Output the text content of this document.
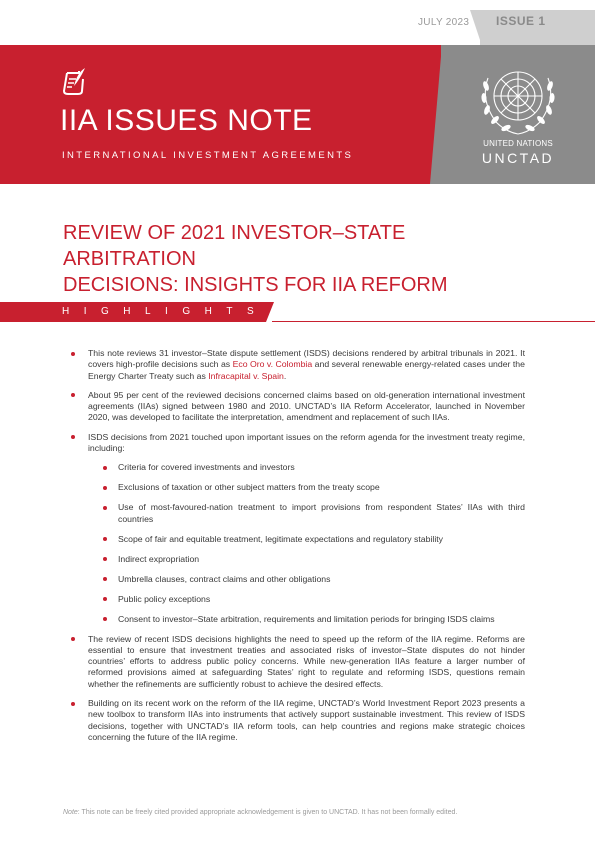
JULY 2023 ISSUE 1
IIA ISSUES NOTE
INTERNATIONAL INVESTMENT AGREEMENTS
UNITED NATIONS
UNCTAD
REVIEW OF 2021 INVESTOR–STATE ARBITRATION
DECISIONS: INSIGHTS FOR IIA REFORM
HIGHLIGHTS
This note reviews 31 investor–State dispute settlement (ISDS) decisions rendered by arbitral tribunals in 2021. It covers high-profile decisions such as Eco Oro v. Colombia and several renewable energy-related cases under the Energy Charter Treaty such as Infracapital v. Spain.
About 95 per cent of the reviewed decisions concerned claims based on old-generation international investment agreements (IIAs) signed between 1980 and 2010. UNCTAD’s IIA Reform Accelerator, launched in November 2020, was developed to facilitate the interpretation, amendment and replacement of such IIAs.
ISDS decisions from 2021 touched upon important issues on the reform agenda for the investment treaty regime, including:
Criteria for covered investments and investors
Exclusions of taxation or other subject matters from the treaty scope
Use of most-favoured-nation treatment to import provisions from respondent States’ IIAs with third countries
Scope of fair and equitable treatment, legitimate expectations and regulatory stability
Indirect expropriation
Umbrella clauses, contract claims and other obligations
Public policy exceptions
Consent to investor–State arbitration, requirements and limitation periods for bringing ISDS claims
The review of recent ISDS decisions highlights the need to speed up the reform of the IIA regime. Reforms are essential to ensure that investment treaties and associated risks of investor–State disputes do not hinder countries’ efforts to address public policy concerns. While new-generation IIAs feature a larger number of reformed provisions aimed at safeguarding States’ right to regulate and reforming ISDS, questions remain whether the refinements are sufficiently robust to achieve the desired effects.
Building on its recent work on the reform of the IIA regime, UNCTAD’s World Investment Report 2023 presents a new toolbox to transform IIAs into instruments that actively support sustainable investment. This review of ISDS decisions, together with UNCTAD’s IIA reform tools, can help countries and regions make strategic choices concerning the future of the IIA regime.
Note: This note can be freely cited provided appropriate acknowledgement is given to UNCTAD. It has not been formally edited.
